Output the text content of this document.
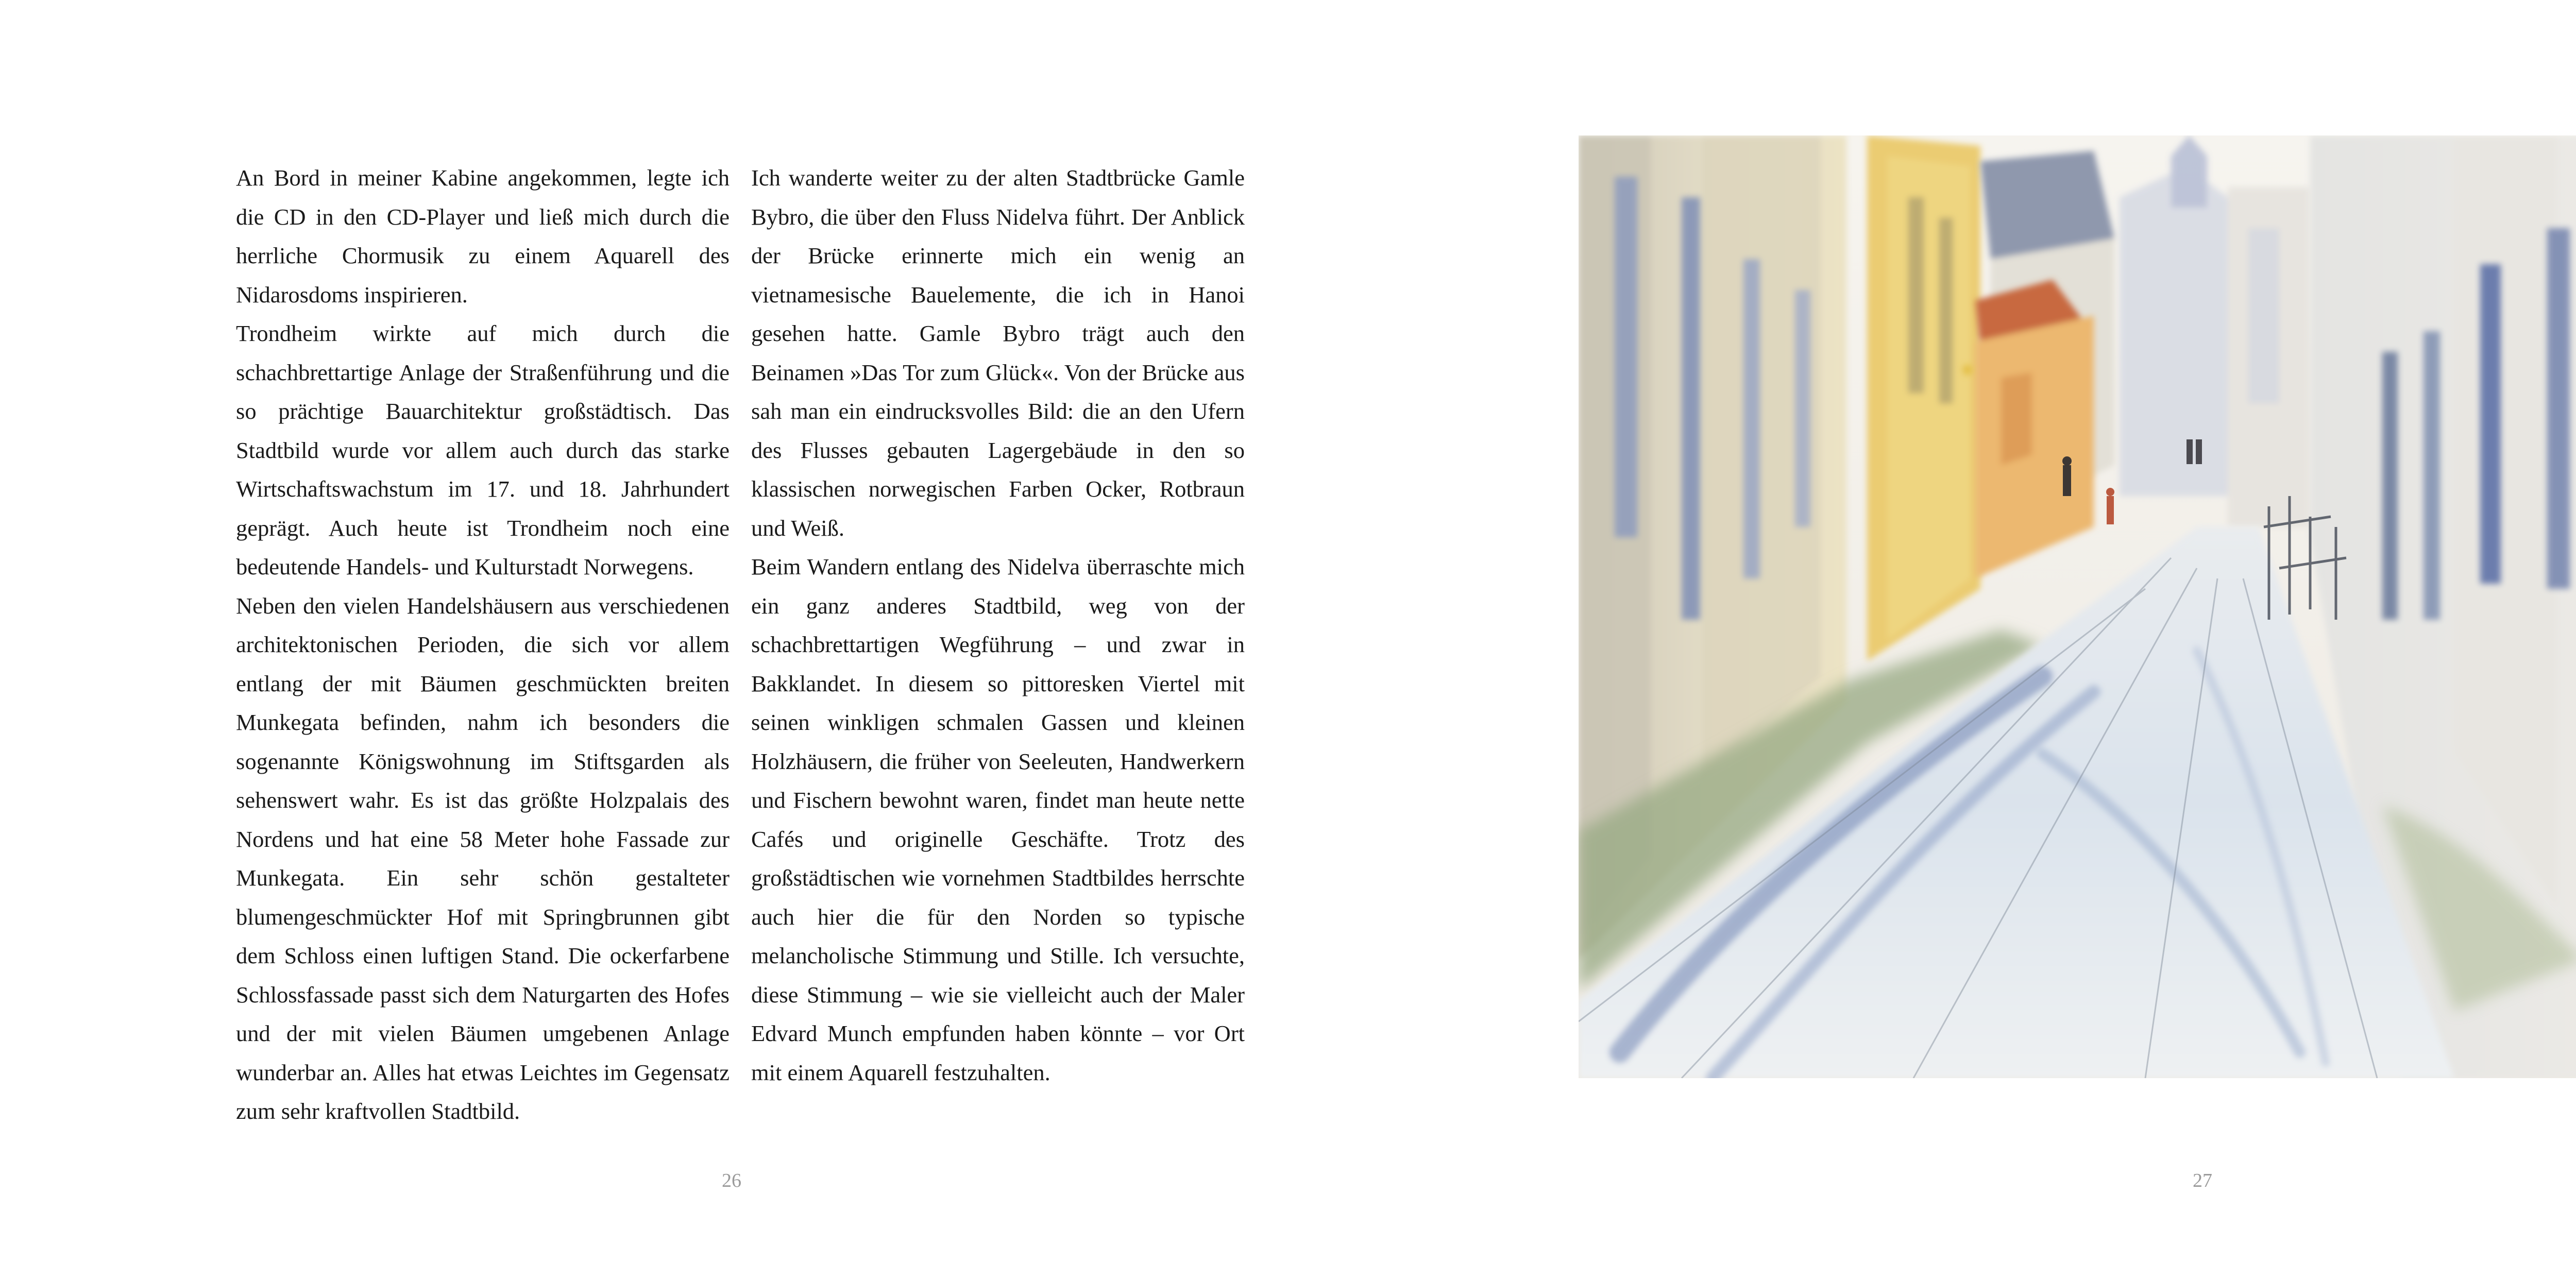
An Bord in meiner Kabine angekommen, legte ich die CD in den CD-Player und ließ mich durch die herrliche Chormusik zu einem Aquarell des Nidarosdoms inspirieren.

Trondheim wirkte auf mich durch die schachbrettartige Anlage der Straßenführung und die so prächtige Bauarchitektur großstädtisch. Das Stadtbild wurde vor allem auch durch das starke Wirtschaftswachstum im 17. und 18. Jahrhundert geprägt. Auch heute ist Trondheim noch eine bedeutende Handels- und Kulturstadt Norwegens.

Neben den vielen Handelshäusern aus verschiedenen architektonischen Perioden, die sich vor allem entlang der mit Bäumen geschmückten breiten Munkegata befinden, nahm ich besonders die sogenannte Königswohnung im Stiftsgarden als sehenswert wahr. Es ist das größte Holzpalais des Nordens und hat eine 58 Meter hohe Fassade zur Munkegata. Ein sehr schön gestalteter blumengeschmückter Hof mit Springbrunnen gibt dem Schloss einen luftigen Stand. Die ockerfarbene Schlossfassade passt sich dem Naturgarten des Hofes und der mit vielen Bäumen umgebenen Anlage wunderbar an. Alles hat etwas Leichtes im Gegensatz zum sehr kraftvollen Stadtbild.

Ich wanderte weiter zu der alten Stadtbrücke Gamle Bybro, die über den Fluss Nidelva führt. Der Anblick der Brücke erinnerte mich ein wenig an vietnamesische Bauelemente, die ich in Hanoi gesehen hatte. Gamle Bybro trägt auch den Beinamen »Das Tor zum Glück«. Von der Brücke aus sah man ein eindrucksvolles Bild: die an den Ufern des Flusses gebauten Lagergebäude in den so klassischen norwegischen Farben Ocker, Rotbraun und Weiß.

Beim Wandern entlang des Nidelva überraschte mich ein ganz anderes Stadtbild, weg von der schachbrettartigen Wegführung – und zwar in Bakklandet. In diesem so pittoresken Viertel mit seinen winkligen schmalen Gassen und kleinen Holzhäusern, die früher von Seeleuten, Handwerkern und Fischern bewohnt waren, findet man heute nette Cafés und originelle Geschäfte. Trotz des großstädtischen wie vornehmen Stadtbildes herrschte auch hier die für den Norden so typische melancholische Stimmung und Stille. Ich versuchte, diese Stimmung – wie sie vielleicht auch der Maler Edvard Munch empfunden haben könnte – vor Ort mit einem Aquarell festzuhalten.

26	27
